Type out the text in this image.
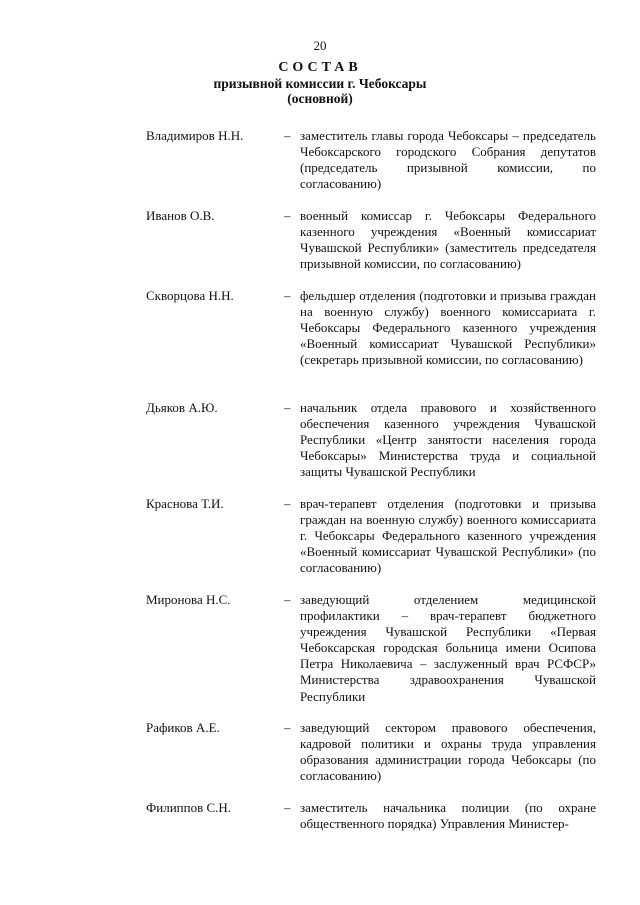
20
СОСТАВ
призывной комиссии г. Чебоксары
(основной)
Владимиров Н.Н.	– заместитель главы города Чебоксары – председатель Чебоксарского городского Собрания депутатов (председатель призывной комиссии, по согласованию)
Иванов О.В.	– военный комиссар г. Чебоксары Федерального казенного учреждения «Военный комиссариат Чувашской Республики» (заместитель председателя призывной комиссии, по согласованию)
Скворцова Н.Н.	– фельдшер отделения (подготовки и призыва граждан на военную службу) военного комиссариата г. Чебоксары Федерального казенного учреждения «Военный комиссариат Чувашской Республики» (секретарь призывной комиссии, по согласованию)
Дьяков А.Ю.	– начальник отдела правового и хозяйственного обеспечения казенного учреждения Чувашской Республики «Центр занятости населения города Чебоксары» Министерства труда и социальной защиты Чувашской Республики
Краснова Т.И.	– врач-терапевт отделения (подготовки и призыва граждан на военную службу) военного комиссариата г. Чебоксары Федерального казенного учреждения «Военный комиссариат Чувашской Республики» (по согласованию)
Миронова Н.С.	– заведующий отделением медицинской профилактики – врач-терапевт бюджетного учреждения Чувашской Республики «Первая Чебоксарская городская больница имени Осипова Петра Николаевича – заслуженный врач РСФСР» Министерства здравоохранения Чувашской Республики
Рафиков А.Е.	– заведующий сектором правового обеспечения, кадровой политики и охраны труда управления образования администрации города Чебоксары (по согласованию)
Филиппов С.Н.	– заместитель начальника полиции (по охране общественного порядка) Управления Министер-
